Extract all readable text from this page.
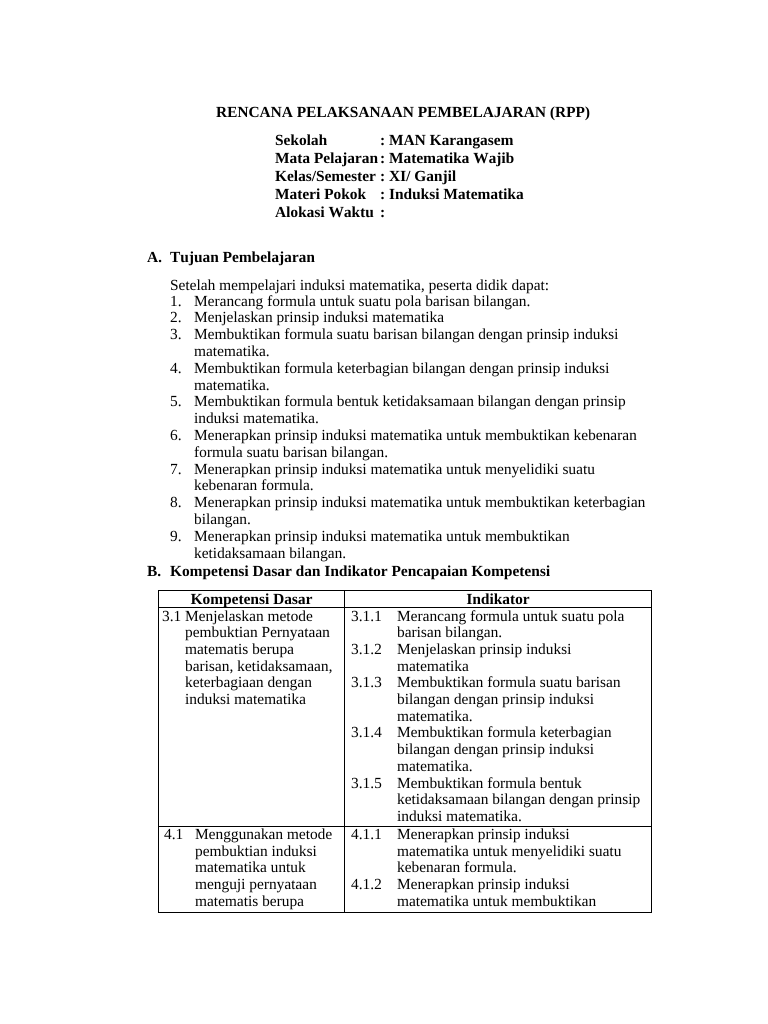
RENCANA PELAKSANAAN PEMBELAJARAN (RPP)
Sekolah	: MAN Karangasem
Mata Pelajaran : Matematika Wajib
Kelas/Semester : XI/ Ganjil
Materi Pokok : Induksi Matematika
Alokasi Waktu :
A. Tujuan Pembelajaran
Setelah mempelajari induksi matematika, peserta didik dapat:
1. Merancang formula untuk suatu pola barisan bilangan.
2. Menjelaskan prinsip induksi matematika
3. Membuktikan formula suatu barisan bilangan dengan prinsip induksi matematika.
4. Membuktikan formula keterbagian bilangan dengan prinsip induksi matematika.
5. Membuktikan formula bentuk ketidaksamaan bilangan dengan prinsip induksi matematika.
6. Menerapkan prinsip induksi matematika untuk membuktikan kebenaran formula suatu barisan bilangan.
7. Menerapkan prinsip induksi matematika untuk menyelidiki suatu kebenaran formula.
8. Menerapkan prinsip induksi matematika untuk membuktikan keterbagian bilangan.
9. Menerapkan prinsip induksi matematika untuk membuktikan ketidaksamaan bilangan.
B. Kompetensi Dasar dan Indikator Pencapaian Kompetensi
Kompetensi Dasar	Indikator
3.1 Menjelaskan metode pembuktian Pernyataan matematis berupa barisan, ketidaksamaan, keterbagiaan dengan induksi matematika
3.1.1 Merancang formula untuk suatu pola barisan bilangan.
3.1.2 Menjelaskan prinsip induksi matematika
3.1.3 Membuktikan formula suatu barisan bilangan dengan prinsip induksi matematika.
3.1.4 Membuktikan formula keterbagian bilangan dengan prinsip induksi matematika.
3.1.5 Membuktikan formula bentuk ketidaksamaan bilangan dengan prinsip induksi matematika.
4.1 Menggunakan metode pembuktian induksi matematika untuk menguji pernyataan matematis berupa
4.1.1 Menerapkan prinsip induksi matematika untuk menyelidiki suatu kebenaran formula.
4.1.2 Menerapkan prinsip induksi matematika untuk membuktikan
